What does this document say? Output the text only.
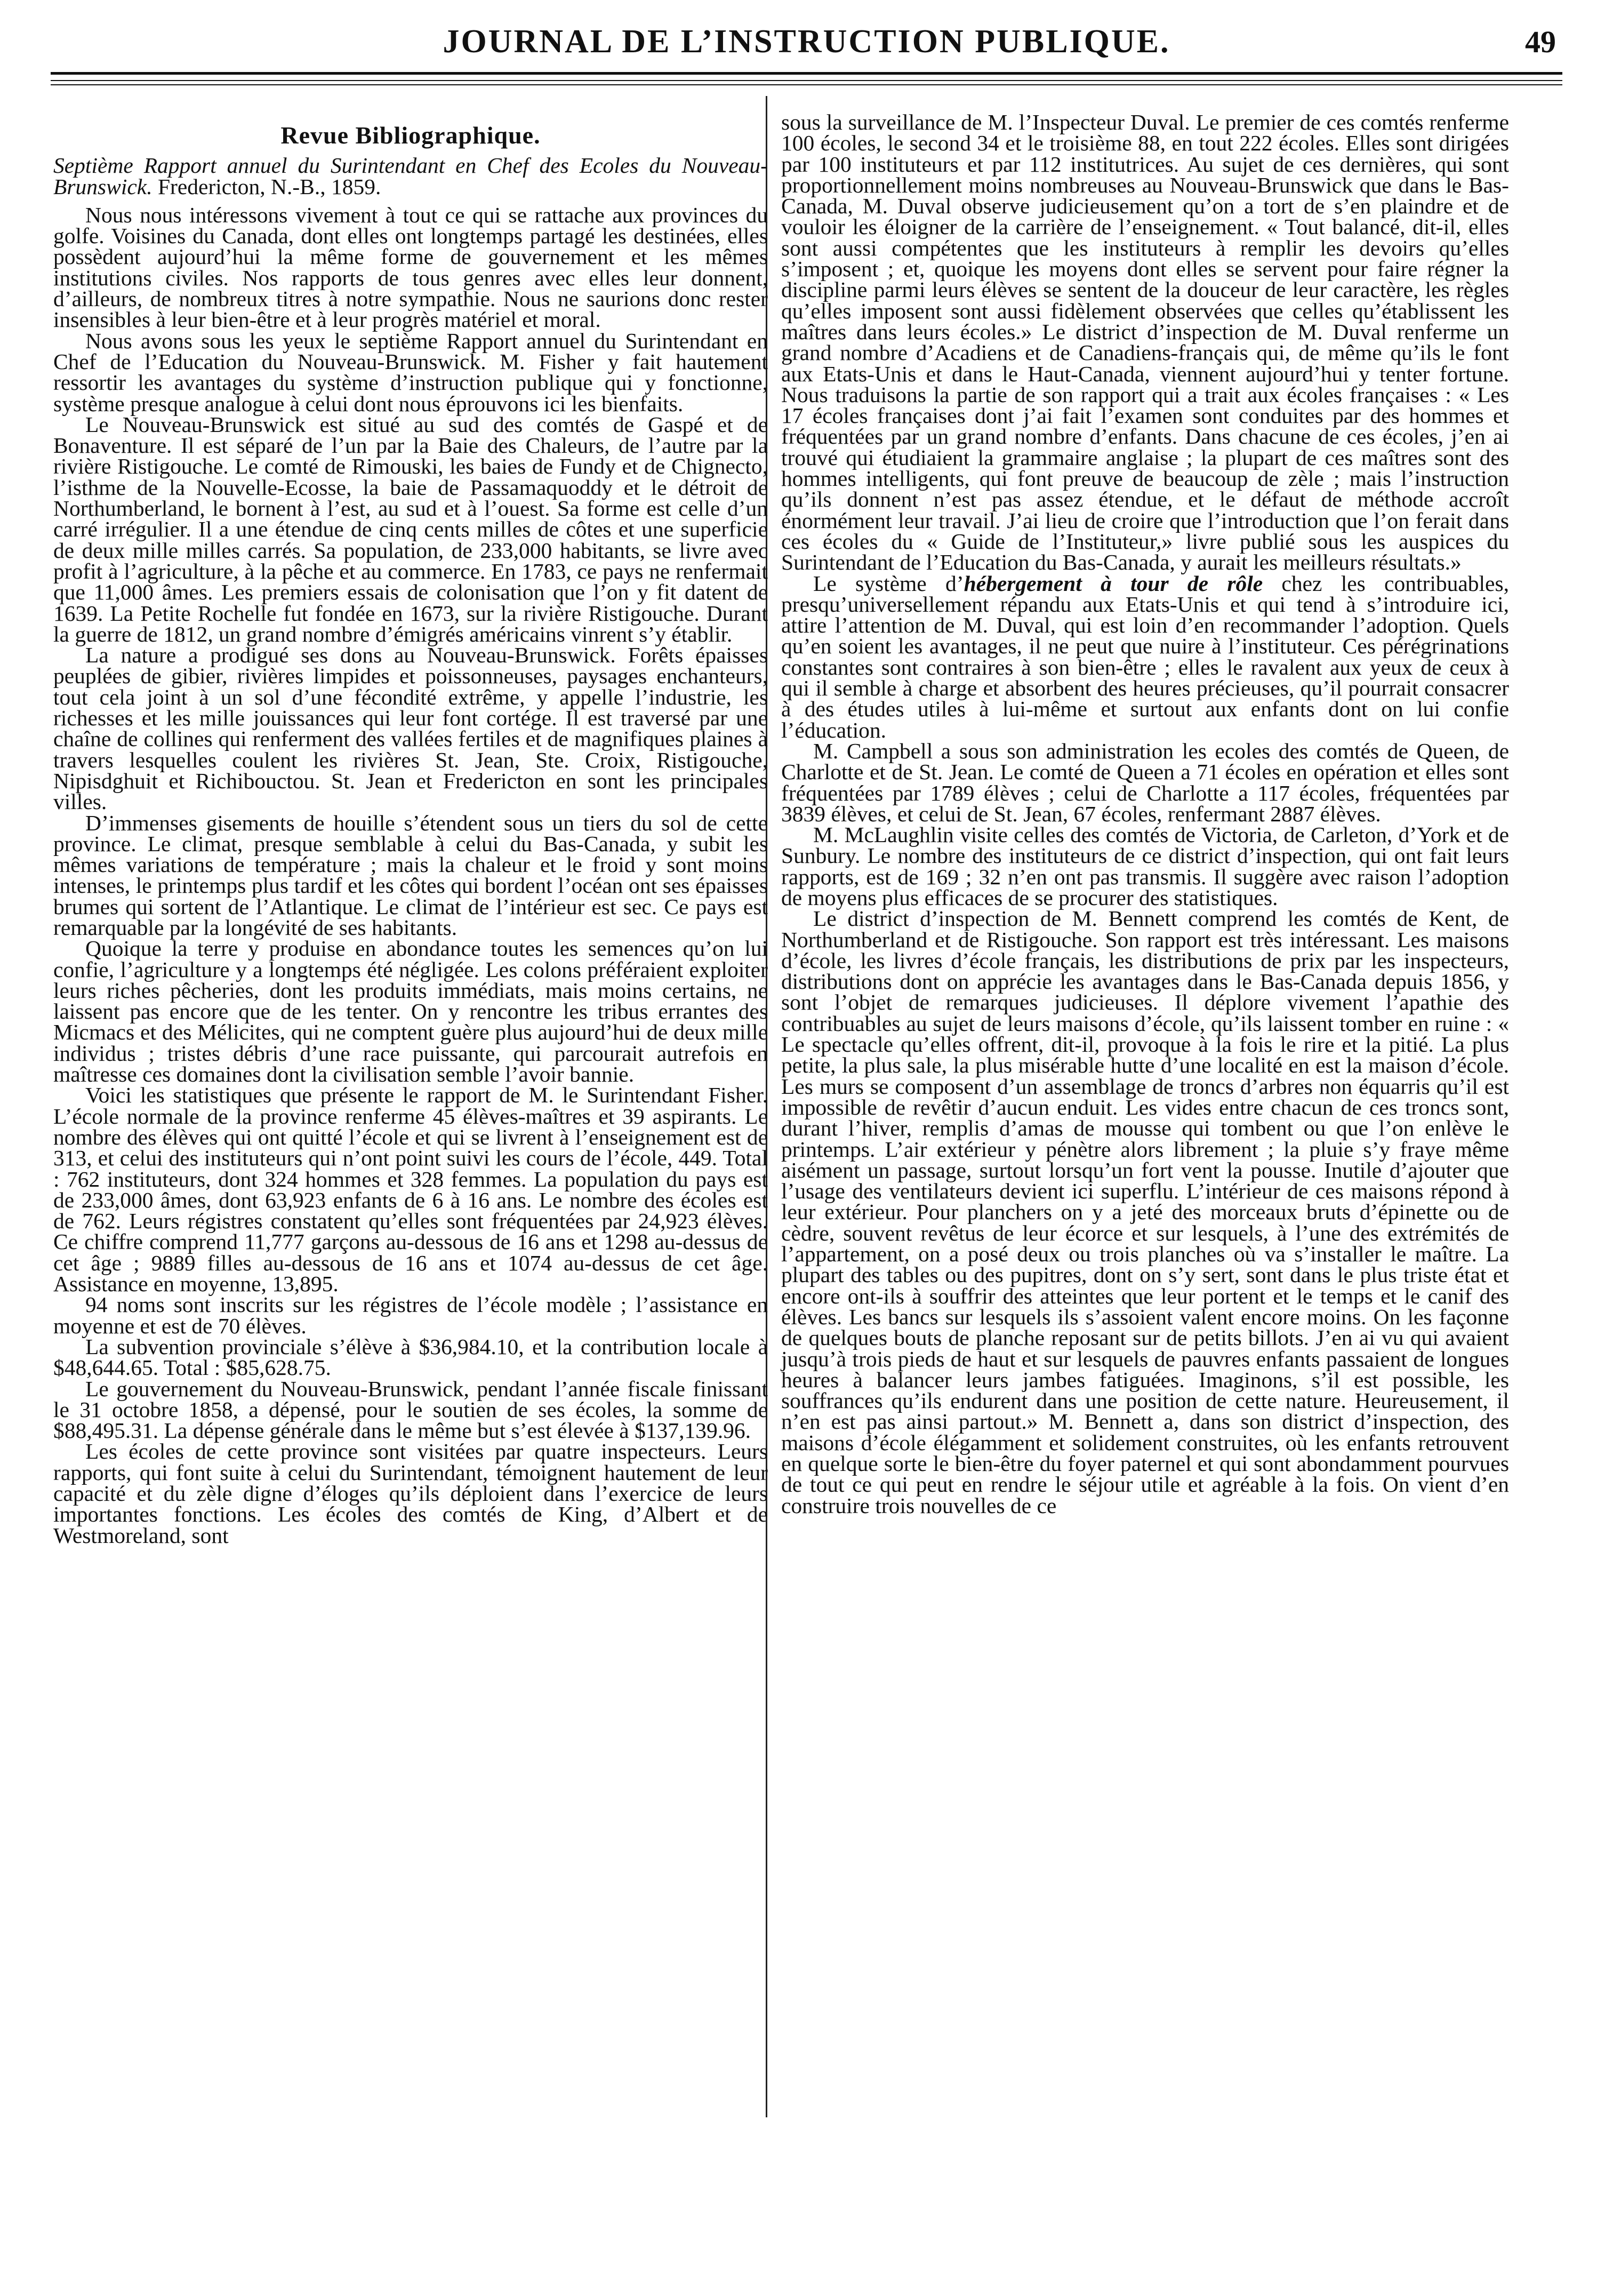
JOURNAL DE L’INSTRUCTION PUBLIQUE.	49
Revue Bibliographique.

Septième Rapport annuel du Surintendant en Chef des Ecoles du Nouveau-Brunswick. Fredericton, N.-B., 1859.

Nous nous intéressons vivement à tout ce qui se rattache aux provinces du golfe. Voisines du Canada, dont elles ont longtemps partagé les destinées, elles possèdent aujourd’hui la même forme de gouvernement et les mêmes institutions civiles. Nos rapports de tous genres avec elles leur donnent, d’ailleurs, de nombreux titres à notre sympathie. Nous ne saurions donc rester insensibles à leur bien-être et à leur progrès matériel et moral.

Nous avons sous les yeux le septième Rapport annuel du Surintendant en Chef de l’Education du Nouveau-Brunswick. M. Fisher y fait hautement ressortir les avantages du système d’instruction publique qui y fonctionne, système presque analogue à celui dont nous éprouvons ici les bienfaits.

Le Nouveau-Brunswick est situé au sud des comtés de Gaspé et de Bonaventure. Il est séparé de l’un par la Baie des Chaleurs, de l’autre par la rivière Ristigouche. Le comté de Rimouski, les baies de Fundy et de Chignecto, l’isthme de la Nouvelle-Ecosse, la baie de Passamaquoddy et le détroit de Northumberland, le bornent à l’est, au sud et à l’ouest. Sa forme est celle d’un carré irrégulier. Il a une étendue de cinq cents milles de côtes et une superficie de deux mille milles carrés. Sa population, de 233,000 habitants, se livre avec profit à l’agriculture, à la pêche et au commerce. En 1783, ce pays ne renfermait que 11,000 âmes. Les premiers essais de colonisation que l’on y fit datent de 1639. La Petite Rochelle fut fondée en 1673, sur la rivière Ristigouche. Durant la guerre de 1812, un grand nombre d’émigrés américains vinrent s’y établir.

La nature a prodigué ses dons au Nouveau-Brunswick. Forêts épaisses peuplées de gibier, rivières limpides et poissonneuses, paysages enchanteurs, tout cela joint à un sol d’une fécondité extrême, y appelle l’industrie, les richesses et les mille jouissances qui leur font cortége. Il est traversé par une chaîne de collines qui renferment des vallées fertiles et de magnifiques plaines à travers lesquelles coulent les rivières St. Jean, Ste. Croix, Ristigouche, Nipisdghuit et Richibouctou. St. Jean et Fredericton en sont les principales villes.

D’immenses gisements de houille s’étendent sous un tiers du sol de cette province. Le climat, presque semblable à celui du Bas-Canada, y subit les mêmes variations de température ; mais la chaleur et le froid y sont moins intenses, le printemps plus tardif et les côtes qui bordent l’océan ont ses épaisses brumes qui sortent de l’Atlantique. Le climat de l’intérieur est sec. Ce pays est remarquable par la longévité de ses habitants.

Quoique la terre y produise en abondance toutes les semences qu’on lui confie, l’agriculture y a longtemps été négligée. Les colons préféraient exploiter leurs riches pêcheries, dont les produits immédiats, mais moins certains, ne laissent pas encore que de les tenter. On y rencontre les tribus errantes des Micmacs et des Mélicites, qui ne comptent guère plus aujourd’hui de deux mille individus ; tristes débris d’une race puissante, qui parcourait autrefois en maîtresse ces domaines dont la civilisation semble l’avoir bannie.

Voici les statistiques que présente le rapport de M. le Surintendant Fisher. L’école normale de la province renferme 45 élèves-maîtres et 39 aspirants. Le nombre des élèves qui ont quitté l’école et qui se livrent à l’enseignement est de 313, et celui des instituteurs qui n’ont point suivi les cours de l’école, 449. Total : 762 instituteurs, dont 324 hommes et 328 femmes. La population du pays est de 233,000 âmes, dont 63,923 enfants de 6 à 16 ans. Le nombre des écoles est de 762. Leurs régistres constatent qu’elles sont fréquentées par 24,923 élèves. Ce chiffre comprend 11,777 garçons au-dessous de 16 ans et 1298 au-dessus de cet âge ; 9889 filles au-dessous de 16 ans et 1074 au-dessus de cet âge. Assistance en moyenne, 13,895.

94 noms sont inscrits sur les régistres de l’école modèle ; l’assistance en moyenne et est de 70 élèves.

La subvention provinciale s’élève à $36,984.10, et la contribution locale à $48,644.65. Total : $85,628.75.

Le gouvernement du Nouveau-Brunswick, pendant l’année fiscale finissant le 31 octobre 1858, a dépensé, pour le soutien de ses écoles, la somme de $88,495.31. La dépense générale dans le même but s’est élevée à $137,139.96.

Les écoles de cette province sont visitées par quatre inspecteurs. Leurs rapports, qui font suite à celui du Surintendant, témoignent hautement de leur capacité et du zèle digne d’éloges qu’ils déploient dans l’exercice de leurs importantes fonctions. Les écoles des comtés de King, d’Albert et de Westmoreland, sont

sous la surveillance de M. l’Inspecteur Duval. Le premier de ces comtés renferme 100 écoles, le second 34 et le troisième 88, en tout 222 écoles. Elles sont dirigées par 100 instituteurs et par 112 institutrices. Au sujet de ces dernières, qui sont proportionnellement moins nombreuses au Nouveau-Brunswick que dans le Bas-Canada, M. Duval observe judicieusement qu’on a tort de s’en plaindre et de vouloir les éloigner de la carrière de l’enseignement. « Tout balancé, dit-il, elles sont aussi compétentes que les instituteurs à remplir les devoirs qu’elles s’imposent ; et, quoique les moyens dont elles se servent pour faire régner la discipline parmi leurs élèves se sentent de la douceur de leur caractère, les règles qu’elles imposent sont aussi fidèlement observées que celles qu’établissent les maîtres dans leurs écoles.» Le district d’inspection de M. Duval renferme un grand nombre d’Acadiens et de Canadiens-français qui, de même qu’ils le font aux Etats-Unis et dans le Haut-Canada, viennent aujourd’hui y tenter fortune. Nous traduisons la partie de son rapport qui a trait aux écoles françaises : « Les 17 écoles françaises dont j’ai fait l’examen sont conduites par des hommes et fréquentées par un grand nombre d’enfants. Dans chacune de ces écoles, j’en ai trouvé qui étudiaient la grammaire anglaise ; la plupart de ces maîtres sont des hommes intelligents, qui font preuve de beaucoup de zèle ; mais l’instruction qu’ils donnent n’est pas assez étendue, et le défaut de méthode accroît énormément leur travail. J’ai lieu de croire que l’introduction que l’on ferait dans ces écoles du « Guide de l’Instituteur,» livre publié sous les auspices du Surintendant de l’Education du Bas-Canada, y aurait les meilleurs résultats.»

Le système d’hébergement à tour de rôle chez les contribuables, presqu’universellement répandu aux Etats-Unis et qui tend à s’introduire ici, attire l’attention de M. Duval, qui est loin d’en recommander l’adoption. Quels qu’en soient les avantages, il ne peut que nuire à l’instituteur. Ces pérégrinations constantes sont contraires à son bien-être ; elles le ravalent aux yeux de ceux à qui il semble à charge et absorbent des heures précieuses, qu’il pourrait consacrer à des études utiles à lui-même et surtout aux enfants dont on lui confie l’éducation.

M. Campbell a sous son administration les ecoles des comtés de Queen, de Charlotte et de St. Jean. Le comté de Queen a 71 écoles en opération et elles sont fréquentées par 1789 élèves ; celui de Charlotte a 117 écoles, fréquentées par 3839 élèves, et celui de St. Jean, 67 écoles, renfermant 2887 élèves.

M. McLaughlin visite celles des comtés de Victoria, de Carleton, d’York et de Sunbury. Le nombre des instituteurs de ce district d’inspection, qui ont fait leurs rapports, est de 169 ; 32 n’en ont pas transmis. Il suggère avec raison l’adoption de moyens plus efficaces de se procurer des statistiques.

Le district d’inspection de M. Bennett comprend les comtés de Kent, de Northumberland et de Ristigouche. Son rapport est très intéressant. Les maisons d’école, les livres d’école français, les distributions de prix par les inspecteurs, distributions dont on apprécie les avantages dans le Bas-Canada depuis 1856, y sont l’objet de remarques judicieuses. Il déplore vivement l’apathie des contribuables au sujet de leurs maisons d’école, qu’ils laissent tomber en ruine : « Le spectacle qu’elles offrent, dit-il, provoque à la fois le rire et la pitié. La plus petite, la plus sale, la plus misérable hutte d’une localité en est la maison d’école. Les murs se composent d’un assemblage de troncs d’arbres non équarris qu’il est impossible de revêtir d’aucun enduit. Les vides entre chacun de ces troncs sont, durant l’hiver, remplis d’amas de mousse qui tombent ou que l’on enlève le printemps. L’air extérieur y pénètre alors librement ; la pluie s’y fraye même aisément un passage, surtout lorsqu’un fort vent la pousse. Inutile d’ajouter que l’usage des ventilateurs devient ici superflu. L’intérieur de ces maisons répond à leur extérieur. Pour planchers on y a jeté des morceaux bruts d’épinette ou de cèdre, souvent revêtus de leur écorce et sur lesquels, à l’une des extrémités de l’appartement, on a posé deux ou trois planches où va s’installer le maître. La plupart des tables ou des pupitres, dont on s’y sert, sont dans le plus triste état et encore ont-ils à souffrir des atteintes que leur portent et le temps et le canif des élèves. Les bancs sur lesquels ils s’assoient valent encore moins. On les façonne de quelques bouts de planche reposant sur de petits billots. J’en ai vu qui avaient jusqu’à trois pieds de haut et sur lesquels de pauvres enfants passaient de longues heures à balancer leurs jambes fatiguées. Imaginons, s’il est possible, les souffrances qu’ils endurent dans une position de cette nature. Heureusement, il n’en est pas ainsi partout.» M. Bennett a, dans son district d’inspection, des maisons d’école élégamment et solidement construites, où les enfants retrouvent en quelque sorte le bien-être du foyer paternel et qui sont abondamment pourvues de tout ce qui peut en rendre le séjour utile et agréable à la fois. On vient d’en construire trois nouvelles de ce
